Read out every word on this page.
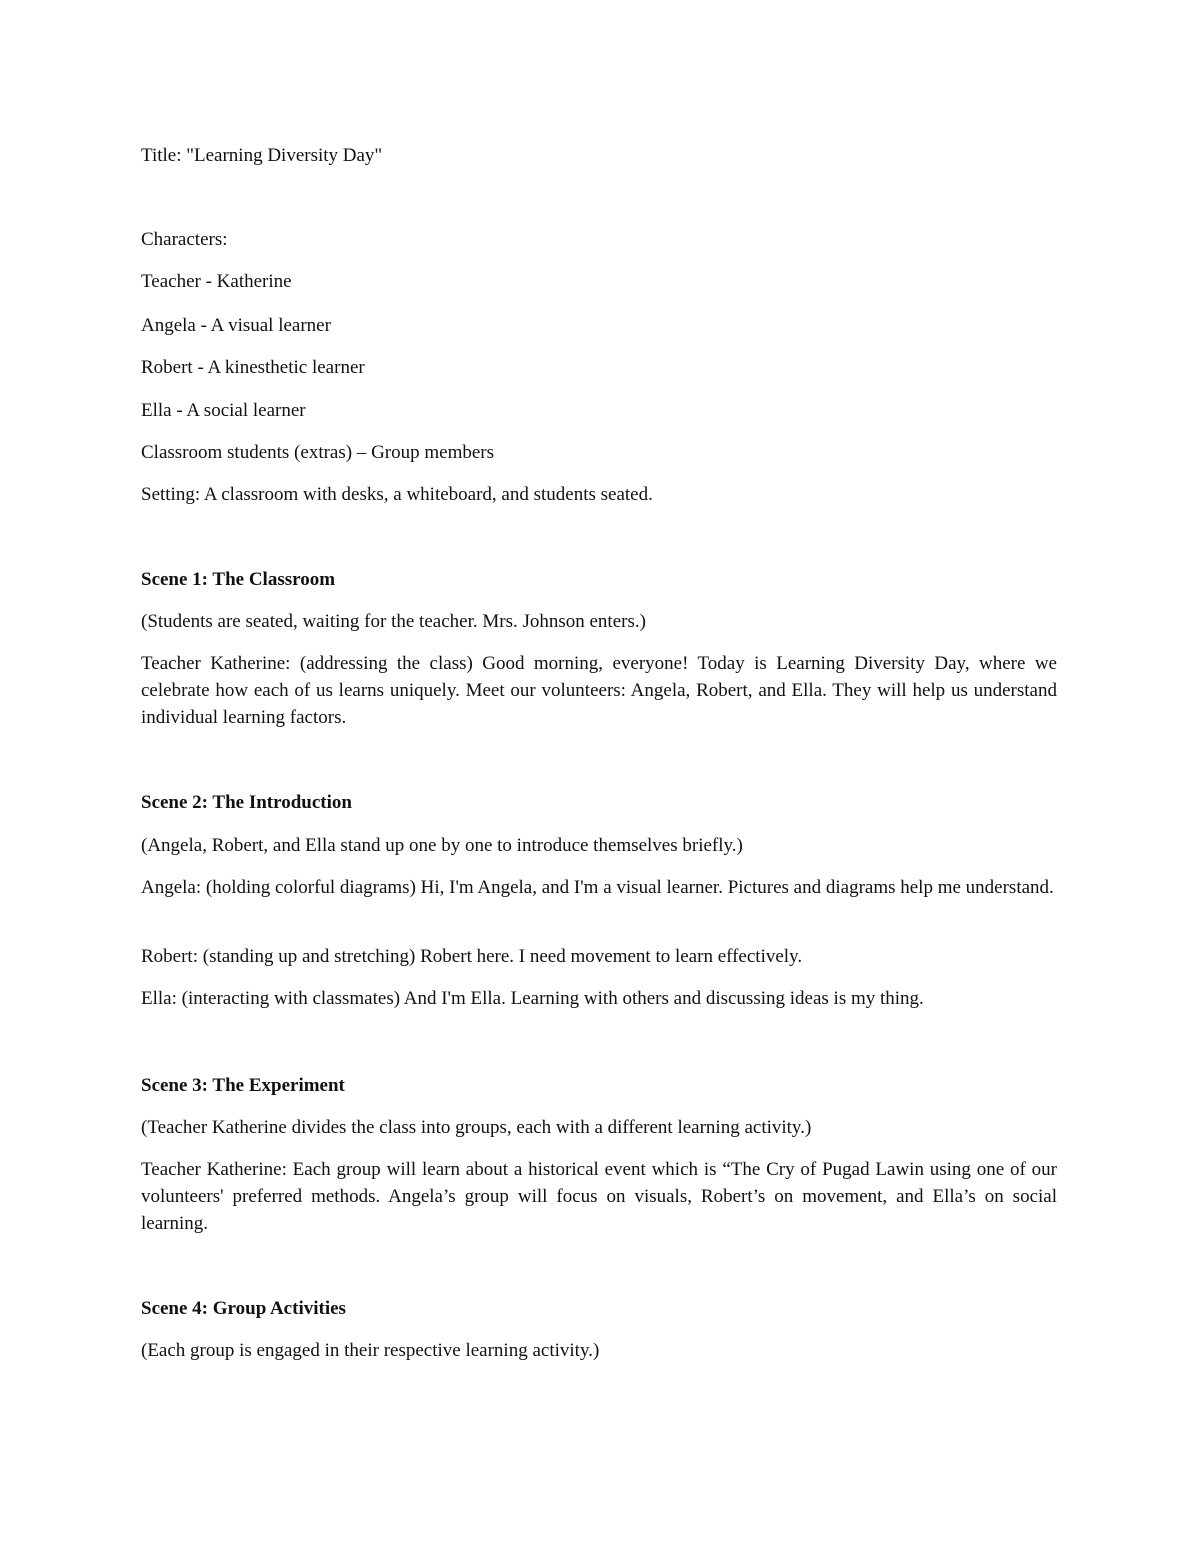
Title: "Learning Diversity Day"

Characters:

Teacher - Katherine

Angela - A visual learner

Robert - A kinesthetic learner

Ella - A social learner

Classroom students (extras) – Group members

Setting: A classroom with desks, a whiteboard, and students seated.

Scene 1: The Classroom

(Students are seated, waiting for the teacher. Mrs. Johnson enters.)

Teacher Katherine: (addressing the class) Good morning, everyone! Today is Learning Diversity Day, where we celebrate how each of us learns uniquely. Meet our volunteers: Angela, Robert, and Ella. They will help us understand individual learning factors.

Scene 2: The Introduction

(Angela, Robert, and Ella stand up one by one to introduce themselves briefly.)

Angela: (holding colorful diagrams) Hi, I'm Angela, and I'm a visual learner. Pictures and diagrams help me understand.

Robert: (standing up and stretching) Robert here. I need movement to learn effectively.

Ella: (interacting with classmates) And I'm Ella. Learning with others and discussing ideas is my thing.

Scene 3: The Experiment

(Teacher Katherine divides the class into groups, each with a different learning activity.)

Teacher Katherine: Each group will learn about a historical event which is “The Cry of Pugad Lawin using one of our volunteers' preferred methods. Angela’s group will focus on visuals, Robert’s on movement, and Ella’s on social learning.

Scene 4: Group Activities

(Each group is engaged in their respective learning activity.)
